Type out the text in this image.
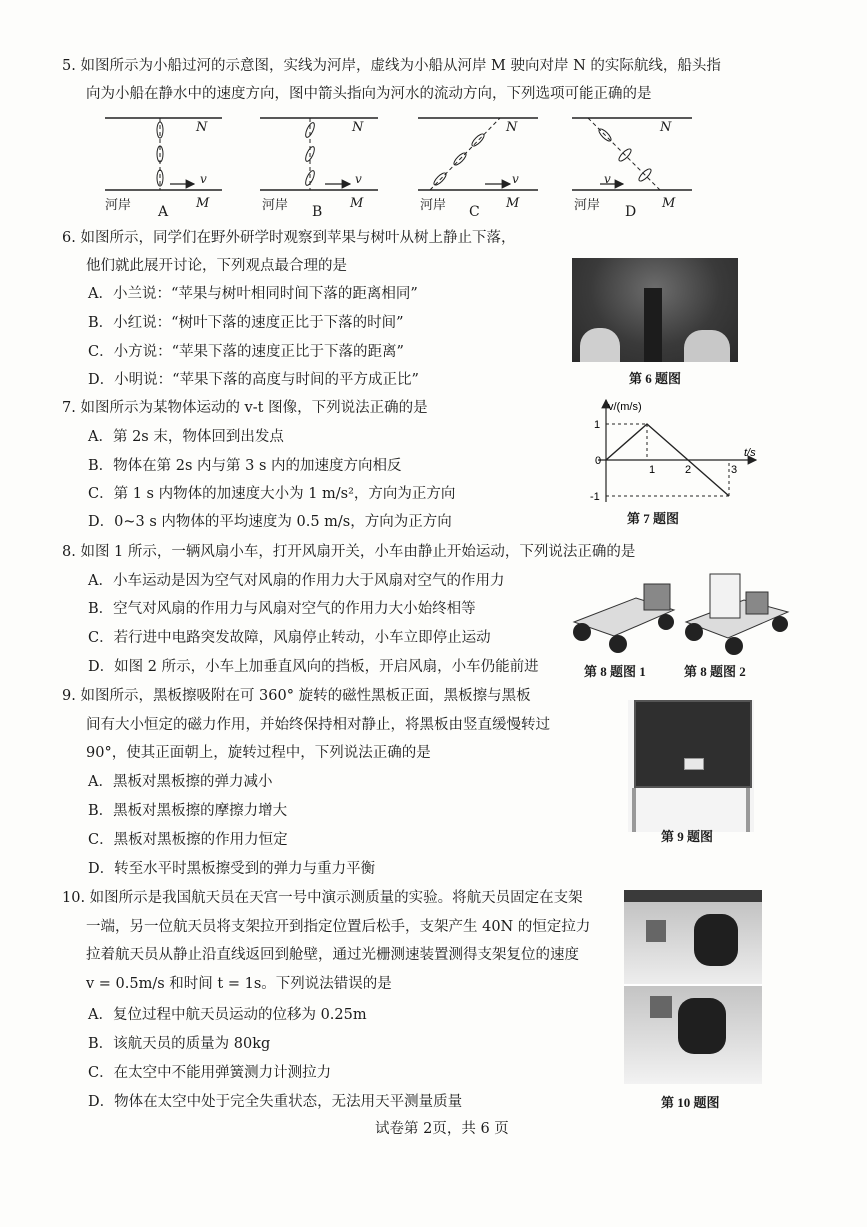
5. 如图所示为小船过河的示意图，实线为河岸，虚线为小船从河岸 M 驶向对岸 N 的实际航线，船头指
向为小船在静水中的速度方向，图中箭头指向为河水的流动方向，下列选项可能正确的是
河岸 A
M
N
v
河岸 B
M
N
v
河岸 C
M
N
v
河岸 D
M
N
v
6. 如图所示，同学们在野外研学时观察到苹果与树叶从树上静止下落，
他们就此展开讨论，下列观点最合理的是
A．小兰说：“苹果与树叶相同时间下落的距离相同”
B．小红说：“树叶下落的速度正比于下落的时间”
C．小方说：“苹果下落的速度正比于下落的距离”
D．小明说：“苹果下落的高度与时间的平方成正比”	第 6 题图
7. 如图所示为某物体运动的 v-t 图像，下列说法正确的是
A．第 2s 末，物体回到出发点
B．物体在第 2s 内与第 3 s 内的加速度方向相反
C．第 1 s 内物体的加速度大小为 1 m/s²，方向为正方向
D．0~3 s 内物体的平均速度为 0.5 m/s，方向为正方向
v/(m/s)
t/s
1
-1
0
1	2	3
第 7 题图
8. 如图 1 所示，一辆风扇小车，打开风扇开关，小车由静止开始运动，下列说法正确的是
A．小车运动是因为空气对风扇的作用力大于风扇对空气的作用力
B．空气对风扇的作用力与风扇对空气的作用力大小始终相等
C．若行进中电路突发故障，风扇停止转动，小车立即停止运动
D．如图 2 所示，小车上加垂直风向的挡板，开启风扇，小车仍能前进	第 8 题图 1	第 8 题图 2
9. 如图所示，黑板擦吸附在可 360° 旋转的磁性黑板正面，黑板擦与黑板
间有大小恒定的磁力作用，并始终保持相对静止，将黑板由竖直缓慢转过
90°，使其正面朝上，旋转过程中，下列说法正确的是
A．黑板对黑板擦的弹力减小
B．黑板对黑板擦的摩擦力增大
C．黑板对黑板擦的作用力恒定
D．转至水平时黑板擦受到的弹力与重力平衡
第 9 题图
10. 如图所示是我国航天员在天宫一号中演示测质量的实验。将航天员固定在支架
一端，另一位航天员将支架拉开到指定位置后松手，支架产生 40N 的恒定拉力
拉着航天员从静止沿直线返回到舱壁，通过光栅测速装置测得支架复位的速度
v = 0.5m/s 和时间 t = 1s。下列说法错误的是
A．复位过程中航天员运动的位移为 0.25m
B．该航天员的质量为 80kg
C．在太空中不能用弹簧测力计测拉力
D．物体在太空中处于完全失重状态，无法用天平测量质量	第 10 题图
试卷第 2页，共 6 页
